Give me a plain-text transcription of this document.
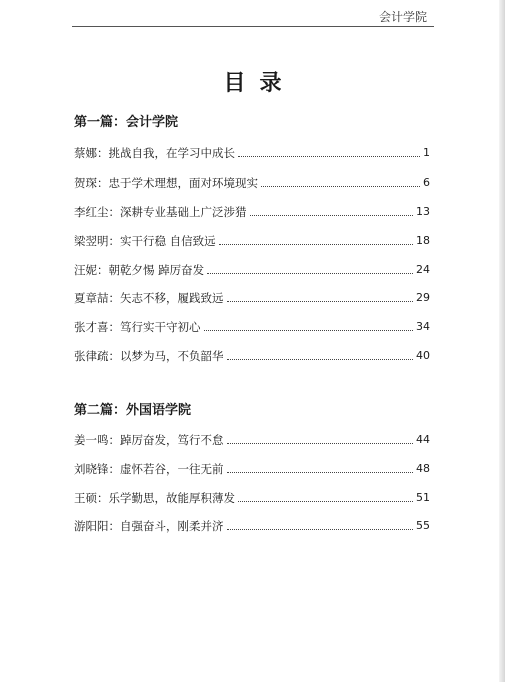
会计学院
目录
第一篇：会计学院
蔡娜：挑战自我，在学习中成长	1
贺琛：忠于学术理想，面对环境现实	6
李红尘：深耕专业基础上广泛涉猎	13
梁翌明：实干行稳 自信致远	18
汪妮：朝乾夕惕 踔厉奋发	24
夏章喆：矢志不移，履践致远	29
张才喜：笃行实干守初心	34
张律疏：以梦为马，不负韶华	40
第二篇：外国语学院
姜一鸣：踔厉奋发，笃行不怠	44
刘晓锋：虚怀若谷，一往无前	48
王硕：乐学勤思，故能厚积薄发	51
游阳阳：自强奋斗，刚柔并济	55
